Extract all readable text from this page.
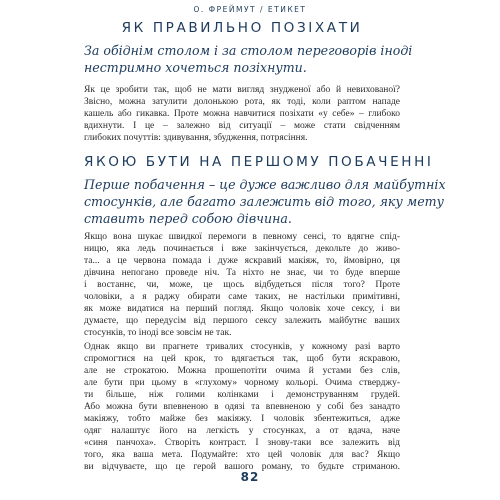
О. ФРЕЙМУТ / ЕТИКЕТ
ЯК ПРАВИЛЬНО ПОЗІХАТИ
За обіднім столом і за столом переговорів іноді
нестримно хочеться позіхнути.
Як це зробити так, щоб не мати вигляд знудженої або й невихованої?
Звісно, можна затулити долонькою рота, як тоді, коли раптом нападе
кашель або гикавка. Проте можна навчитися позіхати «у себе» – глибоко
вдихнути. І це – залежно від ситуації – може стати свідченням
глибоких почуттів: здивування, збудження, потрясіння.
ЯКОЮ БУТИ НА ПЕРШОМУ ПОБАЧЕННІ
Перше побачення – це дуже важливо для майбутніх
стосунків, але багато залежить від того, яку мету
ставить перед собою дівчина.
Якщо вона шукає швидкої перемоги в певному сенсі, то вдягне спід-
ницю, яка ледь починається і вже закінчується, декольте до живо-
та... а це червона помада і дуже яскравий макіяж, то, ймовірно, ця
дівчина непогано проведе ніч. Та ніхто не знає, чи то буде вперше
і востаннє, чи, може, це щось відбудеться після того? Проте
чоловіки, а я раджу обирати саме таких, не настільки примітивні,
як може видатися на перший погляд. Якщо чоловік хоче сексу, і ви
думаєте, що передусім від першого сексу залежить майбутнє ваших
стосунків, то іноді все зовсім не так.
Однак якщо ви прагнете тривалих стосунків, у кожному разі варто
спромогтися на цей крок, то вдягається так, щоб бути яскравою,
але не строкатою. Можна прошепотіти очима й устами без слів,
але бути при цьому в «глухому» чорному кольорі. Очима стверджу-
ти більше, ніж голими колінками і демонструванням грудей.
Або можна бути впевненою в одязі та впевненою у собі без занадто
макіяжу, тобто майже без макіяжу. І чоловік збентежиться, адже
одяг налаштує його на легкість у стосунках, а от вдача, наче
«синя панчоха». Створіть контраст. І знову-таки все залежить від
того, яка ваша мета. Подумайте: хто цей чоловік для вас? Якщо
ви відчуваєте, що це герой вашого роману, то будьте стриманою.
82
